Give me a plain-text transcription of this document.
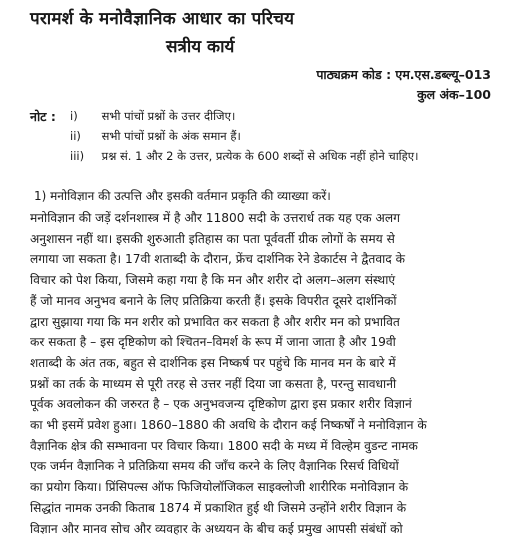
परामर्श के मनोवैज्ञानिक आधार का परिचय
सत्रीय कार्य
पाठ्यक्रम कोड : एम.एस.डब्ल्यू–013
कुल अंक–100
नोट : i) सभी पांचों प्रश्नों के उत्तर दीजिए।
ii) सभी पांचों प्रश्नों के अंक समान हैं।
iii) प्रश्न सं. 1 और 2 के उत्तर, प्रत्येक के 600 शब्दों से अधिक नहीं होने चाहिए।
1) मनोविज्ञान की उत्पत्ति और इसकी वर्तमान प्रकृति की व्याख्या करें।
मनोविज्ञान की जड़ें दर्शनशास्त्र में है और 11800 सदी के उत्तरार्ध तक यह एक अलग
अनुशासन नहीं था। इसकी शुरुआती इतिहास का पता पूर्ववर्ती ग्रीक लोगों के समय से
लगाया जा सकता है। 17वी शताब्दी के दौरान, फ्रेंच दार्शनिक रेने डेकार्टस ने द्वैतवाद के
विचार को पेश किया, जिसमे कहा गया है कि मन और शरीर दो अलग–अलग संस्थाएं
हैं जो मानव अनुभव बनाने के लिए प्रतिक्रिया करती हैं। इसके विपरीत दूसरे दार्शनिकों
द्वारा सुझाया गया कि मन शरीर को प्रभावित कर सकता है और शरीर मन को प्रभावित
कर सकता है – इस दृष्टिकोण को श्चितन–विमर्श के रूप में जाना जाता है और 19वी
शताब्दी के अंत तक, बहुत से दार्शनिक इस निष्कर्ष पर पहुंचे कि मानव मन के बारे में
प्रश्नों का तर्क के माध्यम से पूरी तरह से उत्तर नहीं दिया जा कसता है, परन्तु सावधानी
पूर्वक अवलोकन की जरुरत है – एक अनुभवजन्य दृष्टिकोण द्वारा इस प्रकार शरीर विज्ञानं
का भी इसमें प्रवेश हुआ। 1860–1880 की अवधि के दौरान कई निष्कर्षों ने मनोविज्ञान के
वैज्ञानिक क्षेत्र की सम्भावना पर विचार किया। 1800 सदी के मध्य में विल्हेम वुडन्ट नामक
एक जर्मन वैज्ञानिक ने प्रतिक्रिया समय की जाँच करने के लिए वैज्ञानिक रिसर्च विधियों
का प्रयोग किया। प्रिंसिपल्स ऑफ फिजियोलॉजिकल साइक्लोजी शारीरिक मनोविज्ञान के
सिद्धांत नामक उनकी किताब 1874 में प्रकाशित हुई थी जिसमे उन्होंने शरीर विज्ञान के
विज्ञान और मानव सोच और व्यवहार के अध्ययन के बीच कई प्रमुख आपसी संबंधों को
